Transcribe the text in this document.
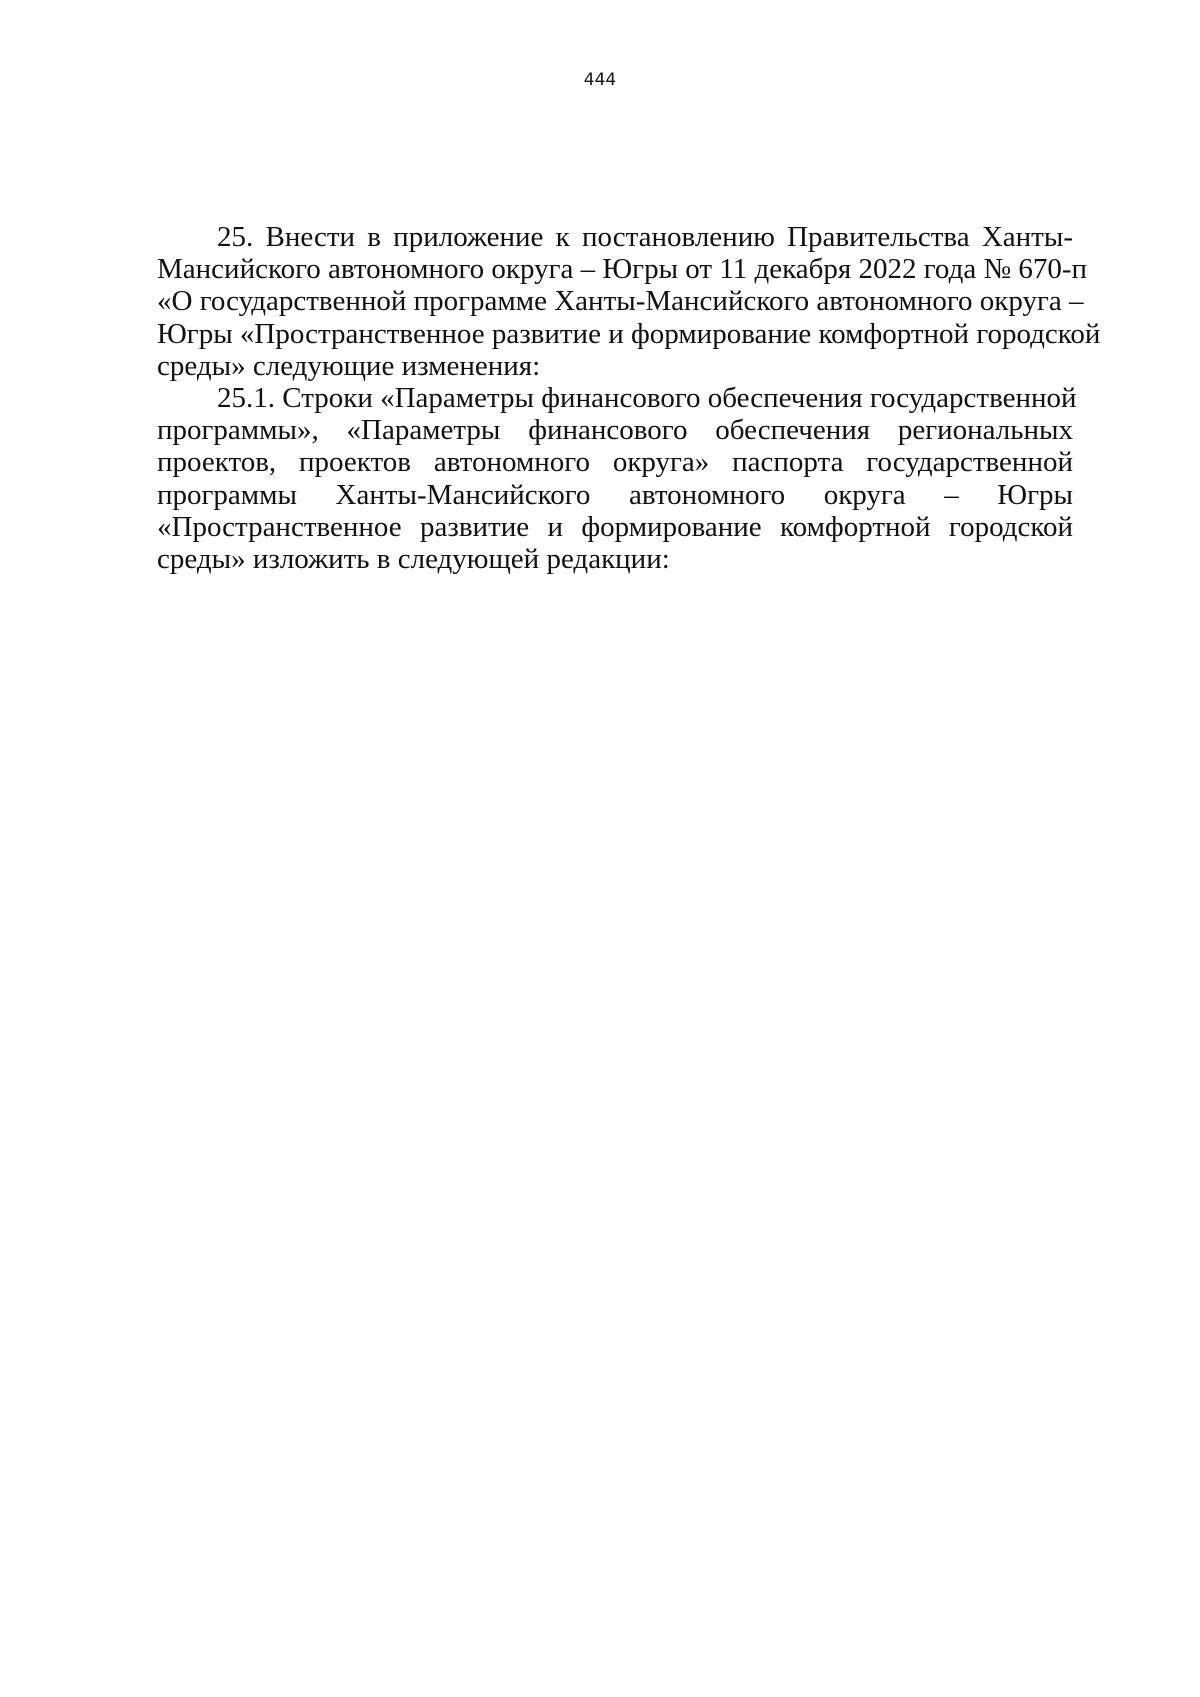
444
25. Внести в приложение к постановлению Правительства Ханты-
Мансийского автономного округа – Югры от 11 декабря 2022 года № 670-п
«О государственной программе Ханты-Мансийского автономного округа –
Югры «Пространственное развитие и формирование комфортной городской
среды» следующие изменения:
25.1. Строки «Параметры финансового обеспечения государственной
программы», «Параметры финансового обеспечения региональных
проектов, проектов автономного округа» паспорта государственной
программы Ханты-Мансийского автономного округа – Югры
«Пространственное развитие и формирование комфортной городской
среды» изложить в следующей редакции:
